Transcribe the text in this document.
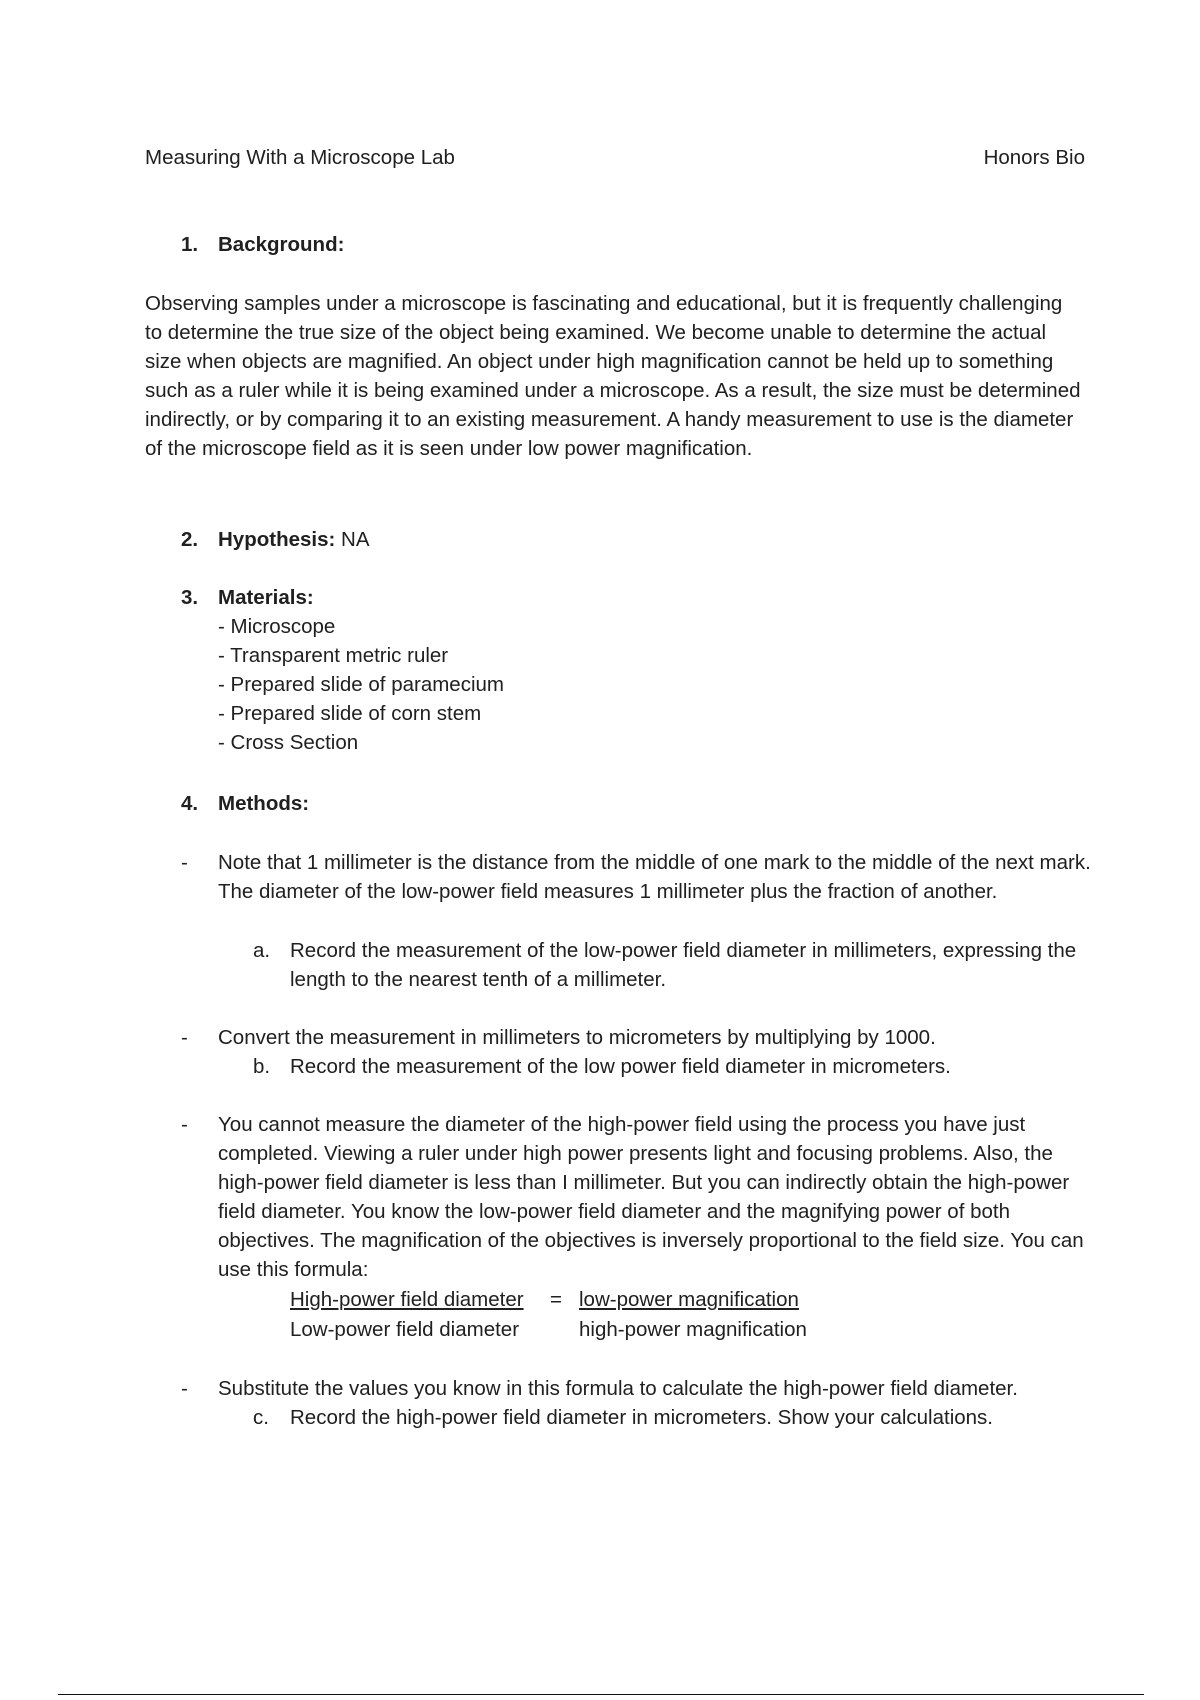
Measuring With a Microscope Lab	Honors Bio
1. Background:
Observing samples under a microscope is fascinating and educational, but it is frequently challenging to determine the true size of the object being examined. We become unable to determine the actual size when objects are magnified. An object under high magnification cannot be held up to something such as a ruler while it is being examined under a microscope. As a result, the size must be determined indirectly, or by comparing it to an existing measurement. A handy measurement to use is the diameter of the microscope field as it is seen under low power magnification.
2. Hypothesis: NA
3. Materials:
- Microscope
- Transparent metric ruler
- Prepared slide of paramecium
- Prepared slide of corn stem
- Cross Section
4. Methods:
- Note that 1 millimeter is the distance from the middle of one mark to the middle of the next mark. The diameter of the low-power field measures 1 millimeter plus the fraction of another.
a. Record the measurement of the low-power field diameter in millimeters, expressing the length to the nearest tenth of a millimeter.
- Convert the measurement in millimeters to micrometers by multiplying by 1000.
b. Record the measurement of the low power field diameter in micrometers.
- You cannot measure the diameter of the high-power field using the process you have just completed. Viewing a ruler under high power presents light and focusing problems. Also, the high-power field diameter is less than I millimeter. But you can indirectly obtain the high-power field diameter. You know the low-power field diameter and the magnifying power of both objectives. The magnification of the objectives is inversely proportional to the field size. You can use this formula:
High-power field diameter = low-power magnification
Low-power field diameter	high-power magnification
- Substitute the values you know in this formula to calculate the high-power field diameter.
c. Record the high-power field diameter in micrometers. Show your calculations.
